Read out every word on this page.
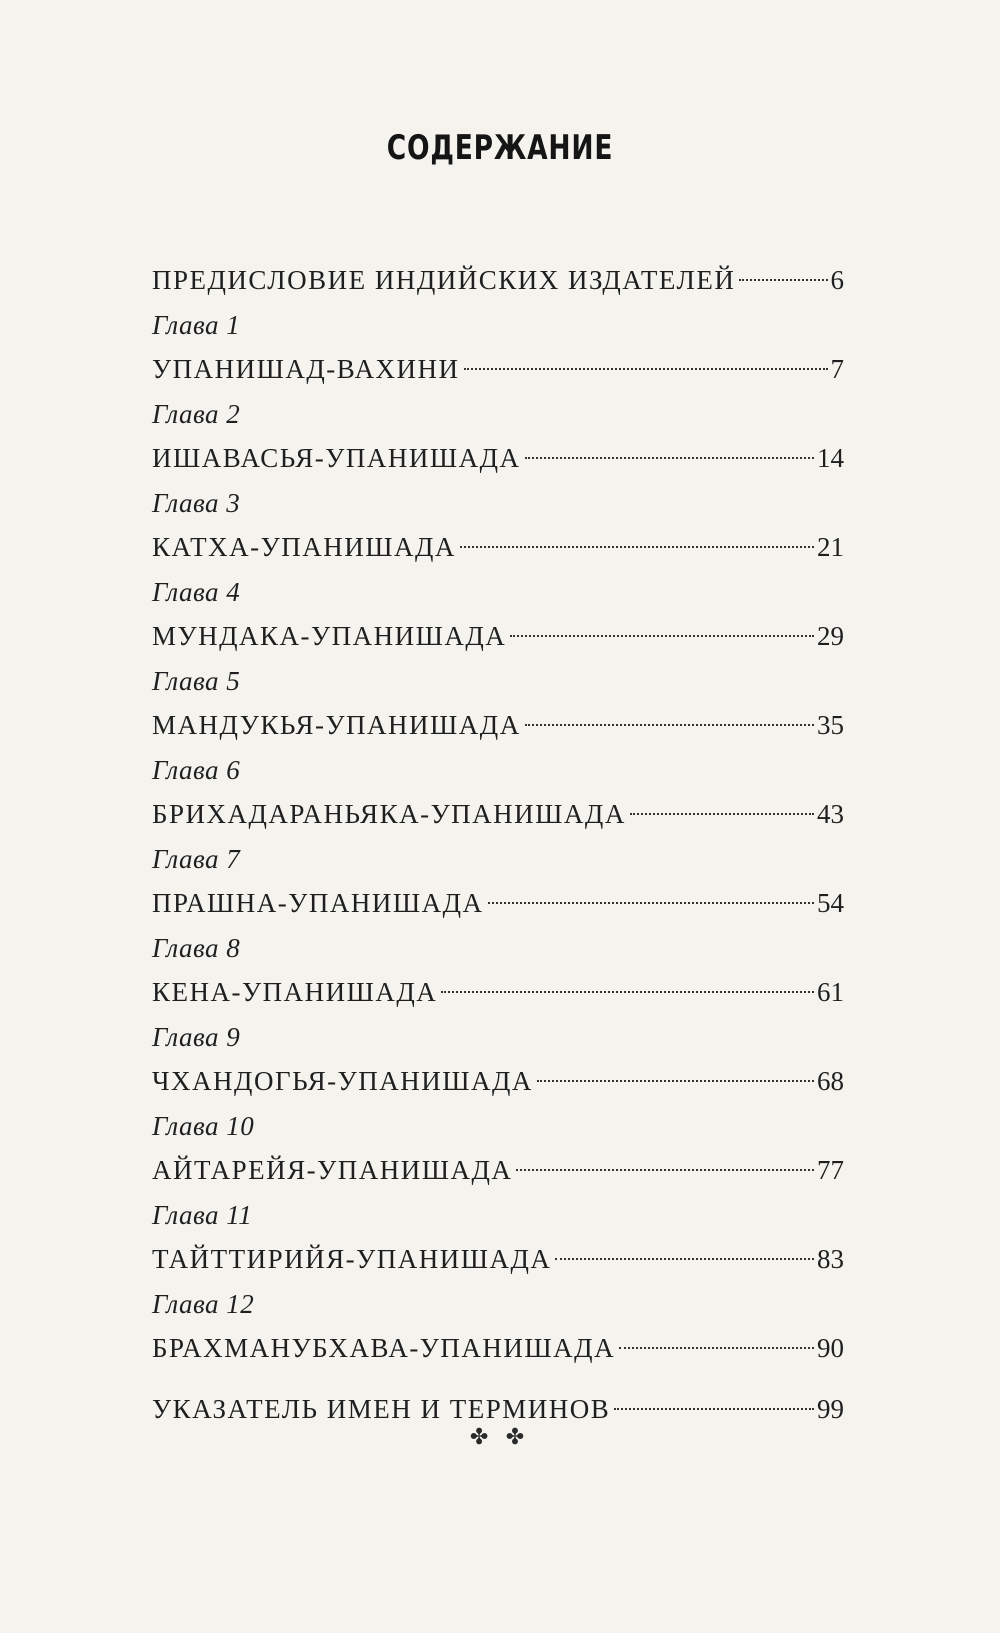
СОДЕРЖАНИЕ
ПРЕДИСЛОВИЕ ИНДИЙСКИХ ИЗДАТЕЛЕЙ	6
Глава 1
УПАНИШАД-ВАХИНИ	7
Глава 2
ИШАВАСЬЯ-УПАНИШАДА	14
Глава 3
КАТХА-УПАНИШАДА	21
Глава 4
МУНДАКА-УПАНИШАДА	29
Глава 5
МАНДУКЬЯ-УПАНИШАДА	35
Глава 6
БРИХАДАРАНЬЯКА-УПАНИШАДА	43
Глава 7
ПРАШНА-УПАНИШАДА	54
Глава 8
КЕНА-УПАНИШАДА	61
Глава 9
ЧХАНДОГЬЯ-УПАНИШАДА	68
Глава 10
АЙТАРЕЙЯ-УПАНИШАДА	77
Глава 11
ТАЙТТИРИЙЯ-УПАНИШАДА	83
Глава 12
БРАХМАНУБХАВА-УПАНИШАДА	90
УКАЗАТЕЛЬ ИМЕН И ТЕРМИНОВ	99
✤ ✤
